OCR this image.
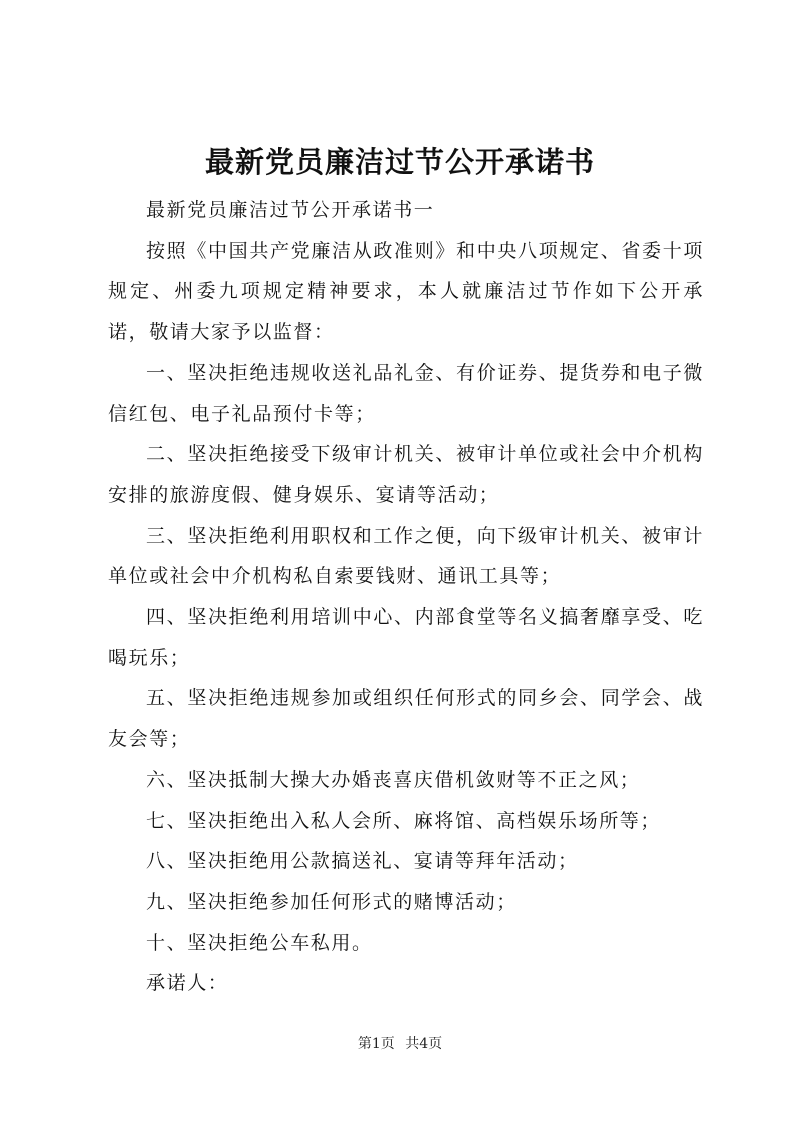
最新党员廉洁过节公开承诺书

最新党员廉洁过节公开承诺书一

按照《中国共产党廉洁从政准则》和中央八项规定、省委十项规定、州委九项规定精神要求，本人就廉洁过节作如下公开承诺，敬请大家予以监督：

一、坚决拒绝违规收送礼品礼金、有价证券、提货券和电子微信红包、电子礼品预付卡等；

二、坚决拒绝接受下级审计机关、被审计单位或社会中介机构安排的旅游度假、健身娱乐、宴请等活动；

三、坚决拒绝利用职权和工作之便，向下级审计机关、被审计单位或社会中介机构私自索要钱财、通讯工具等；

四、坚决拒绝利用培训中心、内部食堂等名义搞奢靡享受、吃喝玩乐；

五、坚决拒绝违规参加或组织任何形式的同乡会、同学会、战友会等；

六、坚决抵制大操大办婚丧喜庆借机敛财等不正之风；

七、坚决拒绝出入私人会所、麻将馆、高档娱乐场所等；

八、坚决拒绝用公款搞送礼、宴请等拜年活动；

九、坚决拒绝参加任何形式的赌博活动；

十、坚决拒绝公车私用。

承诺人：

第1页 共4页
